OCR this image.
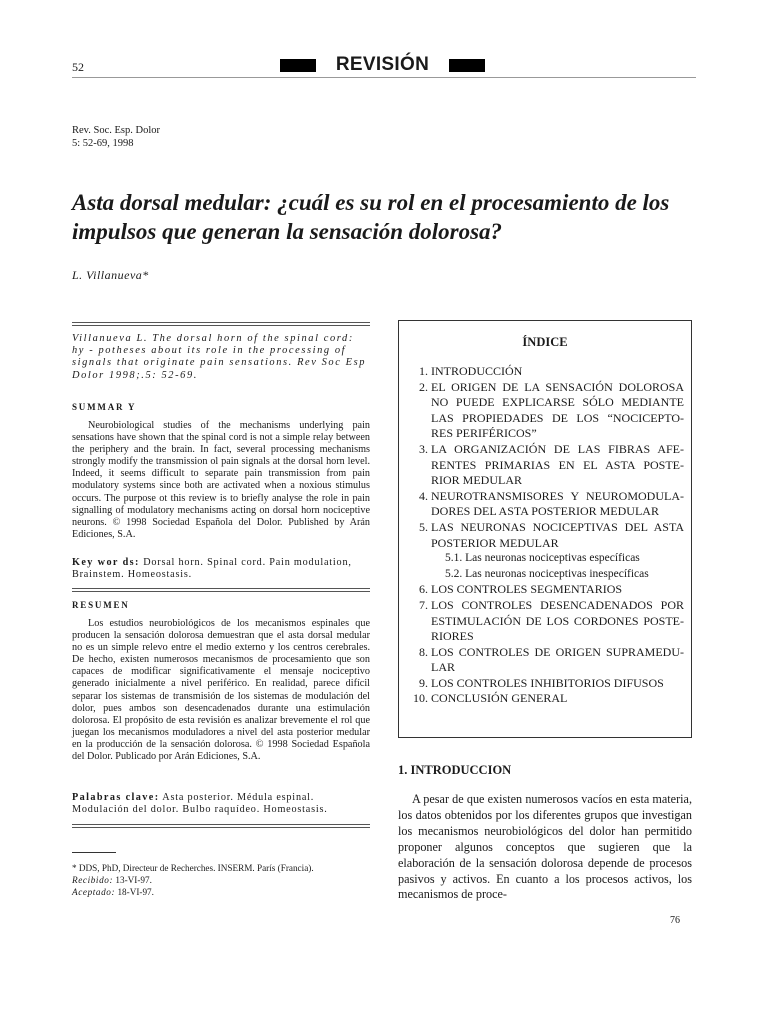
52	REVISIÓN
Rev. Soc. Esp. Dolor
5: 52-69, 1998
Asta dorsal medular: ¿cuál es su rol en el procesamiento de los impulsos que generan la sensación dolorosa?
L. Villanueva*
Villanueva L. The dorsal horn of the spinal cord: hy - potheses about its role in the processing of signals that originate pain sensations. Rev Soc Esp Dolor 1998;.5: 52-69.
SUMMAR Y
Neurobiological studies of the mechanisms underlying pain sensations have shown that the spinal cord is not a simple relay between the periphery and the brain. In fact, several processing mechanisms strongly modify the transmission ol pain signals at the dorsal horn level. Indeed, it seems difficult to separate pain transmission from pain modulatory systems since both are activated when a noxious stimulus occurs. The purpose ot this review is to briefly analyse the role in pain signalling of modulatory mechanisms acting on dorsal horn nociceptive neurons. © 1998 Sociedad Española del Dolor. Published by Arán Ediciones, S.A.
Key wor ds: Dorsal horn. Spinal cord. Pain modulation, Brainstem. Homeostasis.
RESUMEN
Los estudios neurobiológicos de los mecanismos espinales que producen la sensación dolorosa demuestran que el asta dorsal medular no es un simple relevo entre el medio externo y los centros cerebrales. De hecho, existen numerosos mecanismos de procesamiento que son capaces de modificar significativamente el mensaje nociceptivo generado inicialmente a nivel periférico. En realidad, parece difícil separar los sistemas de transmisión de los sistemas de modulación del dolor, pues ambos son desencadenados durante una estimulación dolorosa. El propósito de esta revisión es analizar brevemente el rol que juegan los mecanismos moduladores a nivel del asta posterior medular en la producción de la sensación dolorosa. © 1998 Sociedad Española del Dolor. Publicado por Arán Ediciones, S.A.
Palabras clave: Asta posterior. Médula espinal. Modulación del dolor. Bulbo raquídeo. Homeostasis.
* DDS, PhD, Directeur de Recherches. INSERM. París (Francia).
Recibido: 13-VI-97.
Aceptado: 18-VI-97.
ÍNDICE
1. INTRODUCCIÓN
2. EL ORIGEN DE LA SENSACIÓN DOLOROSA
NO PUEDE EXPLICARSE SÓLO MEDIANTE
LAS PROPIEDADES DE LOS “NOCICEPTO-
RES PERIFÉRICOS”
3. LA ORGANIZACIÓN DE LAS FIBRAS AFE-
RENTES PRIMARIAS EN EL ASTA POSTE-
RIOR MEDULAR
4. NEUROTRANSMISORES Y NEUROMODULA-
DORES DEL ASTA POSTERIOR MEDULAR
5. LAS NEURONAS NOCICEPTIVAS DEL ASTA
POSTERIOR MEDULAR
5.1. Las neuronas nociceptivas específicas
5.2. Las neuronas nociceptivas inespecíficas
6. LOS CONTROLES SEGMENTARIOS
7. LOS CONTROLES DESENCADENADOS POR
ESTIMULACIÓN DE LOS CORDONES POSTE-
RIORES
8. LOS CONTROLES DE ORIGEN SUPRAMEDU-
LAR
9. LOS CONTROLES INHIBITORIOS DIFUSOS
10. CONCLUSIÓN GENERAL
1. INTRODUCCION
A pesar de que existen numerosos vacíos en esta materia, los datos obtenidos por los diferentes grupos que investigan los mecanismos neurobiológicos del dolor han permitido proponer algunos conceptos que sugieren que la elaboración de la sensación dolorosa depende de procesos pasivos y activos. En cuanto a los procesos activos, los mecanismos de proce-
76
